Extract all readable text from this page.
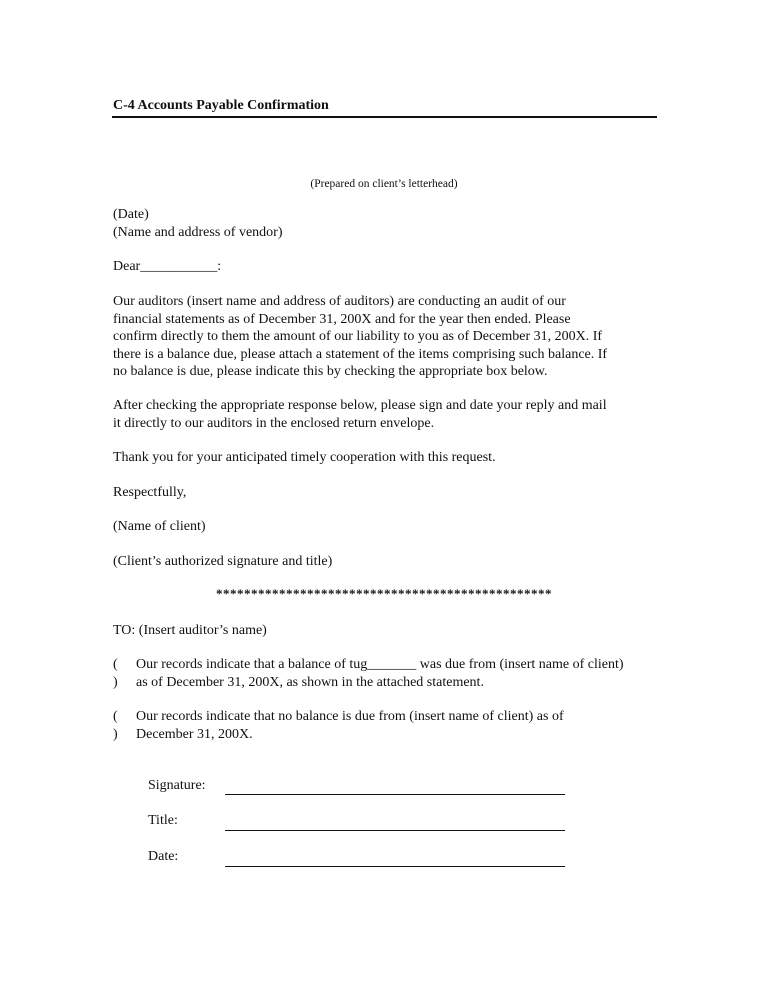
C-4 Accounts Payable Confirmation
(Prepared on client’s letterhead)
(Date)
(Name and address of vendor)
Dear___________:
Our auditors (insert name and address of auditors) are conducting an audit of our
financial statements as of December 31, 200X and for the year then ended. Please
confirm directly to them the amount of our liability to you as of December 31, 200X. If
there is a balance due, please attach a statement of the items comprising such balance. If
no balance is due, please indicate this by checking the appropriate box below.
After checking the appropriate response below, please sign and date your reply and mail
it directly to our auditors in the enclosed return envelope.
Thank you for your anticipated timely cooperation with this request.
Respectfully,
(Name of client)
(Client’s authorized signature and title)
************************************************
TO: (Insert auditor’s name)
( )
Our records indicate that a balance of tug_______ was due from (insert name of client)
as of December 31, 200X, as shown in the attached statement.
( )
Our records indicate that no balance is due from (insert name of client) as of
December 31, 200X.
Signature:
Title:
Date:
